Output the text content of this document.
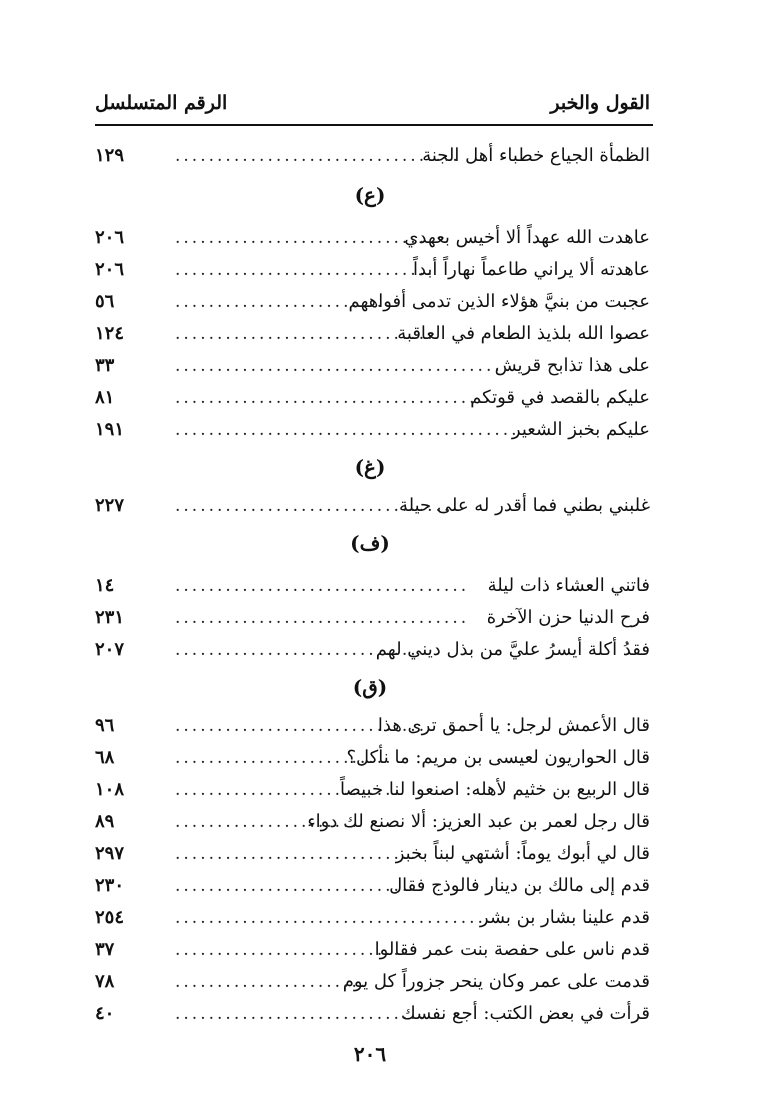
القول والخبر
الرقم المتسلسل
الظمأة الجياع خطباء أهل الجنة
..................................
١٢٩
(ع)
عاهدت الله عهداً ألا أخيس بعهدي
...............................
٢٠٦
عاهدته ألا يراني طاعماً نهاراً أبداً
...............................
٢٠٦
عجبت من بنيَّ هؤلاء الذين تدمى أفواههم
...........................
٥٦
عصوا الله بلذيذ الطعام في العاقبة
...............................
١٢٤
على هذا تذابح قريش
........................................
٣٣
عليكم بالقصد في قوتكم
.....................................
٨١
عليكم بخبز الشعير
.........................................
١٩١
(غ)
غلبني بطني فما أقدر له على حيلة
.................................
٢٢٧
(ف)
فاتني العشاء ذات ليلة
...................................
١٤
فرح الدنيا حزن الآخرة
...................................
٢٣١
فقدُ أكلة أيسرُ عليَّ من بذل ديني لهم
.............................
٢٠٧
(ق)
قال الأعمش لرجل: يا أحمق ترى هذا
..............................
٩٦
قال الحواريون لعيسى بن مريم: ما نأكل؟
..........................
٦٨
قال الربيع بن خثيم لأهله: اصنعوا لنا خبيصاً
...........................
١٠٨
قال رجل لعمر بن عبد العزيز: ألا نصنع لك دواء
......................
٨٩
قال لي أبوك يوماً: أشتهي لبناً بخبز
..............................
٢٩٧
قدم إلى مالك بن دينار فالوذج فقال
..............................
٢٣٠
قدم علينا بشار بن بشر
......................................
٢٥٤
قدم ناس على حفصة بنت عمر فقالوا
............................
٣٧
قدمت على عمر وكان ينحر جزوراً كل يوم
.......................
٧٨
قرأت في بعض الكتب: أجع نفسك
..............................
٤٠
٢٠٦
